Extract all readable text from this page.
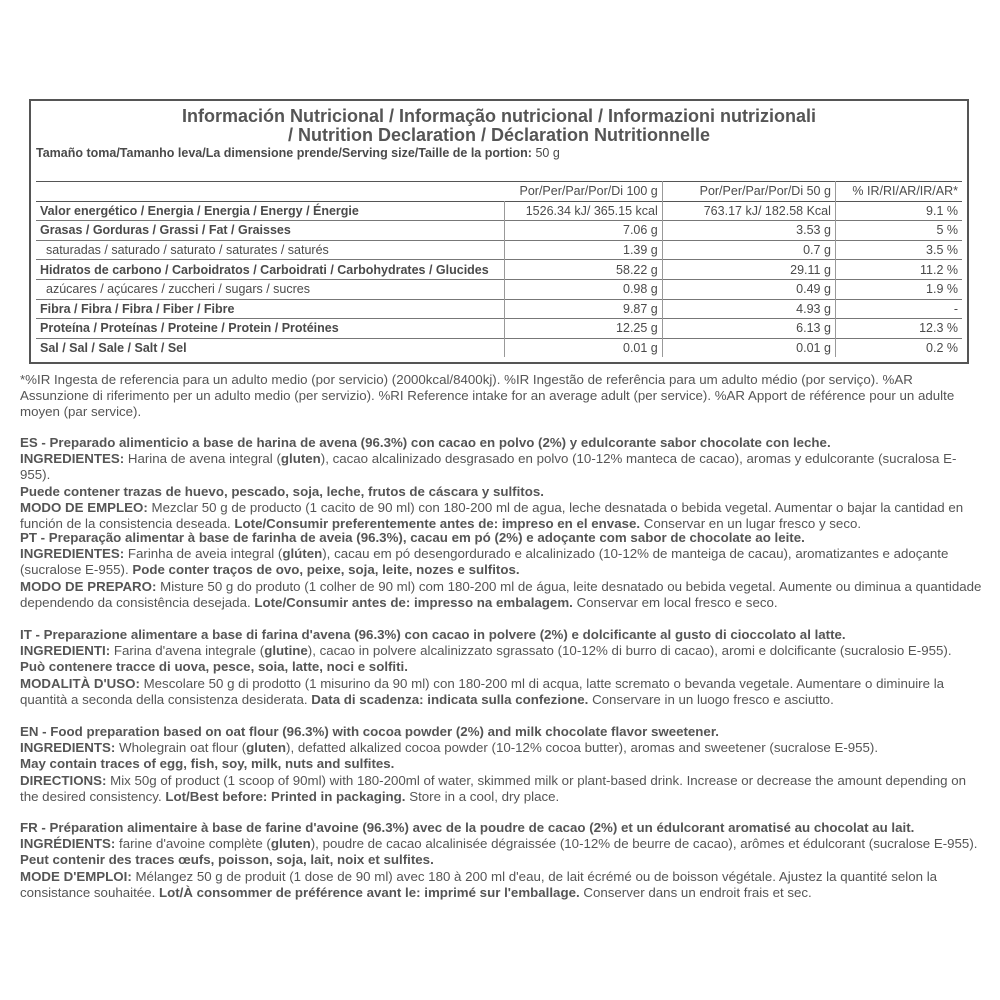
Información Nutricional / Informação nutricional / Informazioni nutrizionali
/ Nutrition Declaration / Déclaration Nutritionnelle
Tamaño toma/Tamanho leva/La dimensione prende/Serving size/Taille de la portion: 50 g
	Por/Per/Par/Por/Di 100 g	Por/Per/Par/Por/Di 50 g	% IR/RI/AR/IR/AR*
Valor energético / Energia / Energia / Energy / Énergie	1526.34 kJ/ 365.15 kcal	763.17 kJ/ 182.58 Kcal	9.1 %
Grasas / Gorduras / Grassi / Fat / Graisses	7.06 g	3.53 g	5 %
saturadas / saturado / saturato / saturates / saturés	1.39 g	0.7 g	3.5 %
Hidratos de carbono / Carboidratos / Carboidrati / Carbohydrates / Glucides	58.22 g	29.11 g	11.2 %
azúcares / açúcares / zuccheri / sugars / sucres	0.98 g	0.49 g	1.9 %
Fibra / Fibra / Fibra / Fiber / Fibre	9.87 g	4.93 g	-
Proteína / Proteínas / Proteine / Protein / Protéines	12.25 g	6.13 g	12.3 %
Sal / Sal / Sale / Salt / Sel	0.01 g	0.01 g	0.2 %

*%IR Ingesta de referencia para un adulto medio (por servicio) (2000kcal/8400kj). %IR Ingestão de referência para um adulto médio (por serviço). %AR Assunzione di riferimento per un adulto medio (per servizio). %RI Reference intake for an average adult (per service). %AR Apport de référence pour un adulte moyen (par service).

ES - Preparado alimenticio a base de harina de avena (96.3%) con cacao en polvo (2%) y edulcorante sabor chocolate con leche.

INGREDIENTES: Harina de avena integral (gluten), cacao alcalinizado desgrasado en polvo (10-12% manteca de cacao), aromas y edulcorante (sucralosa E-955).

Puede contener trazas de huevo, pescado, soja, leche, frutos de cáscara y sulfitos.

MODO DE EMPLEO: Mezclar 50 g de producto (1 cacito de 90 ml) con 180-200 ml de agua, leche desnatada o bebida vegetal. Aumentar o bajar la cantidad en función de la consistencia deseada. Lote/Consumir preferentemente antes de: impreso en el envase. Conservar en un lugar fresco y seco.

PT - Preparação alimentar à base de farinha de aveia (96.3%), cacau em pó (2%) e adoçante com sabor de chocolate ao leite.

INGREDIENTES: Farinha de aveia integral (glúten), cacau em pó desengordurado e alcalinizado (10-12% de manteiga de cacau), aromatizantes e adoçante (sucralose E-955). Pode conter traços de ovo, peixe, soja, leite, nozes e sulfitos.

MODO DE PREPARO: Misture 50 g do produto (1 colher de 90 ml) com 180-200 ml de água, leite desnatado ou bebida vegetal. Aumente ou diminua a quantidade dependendo da consistência desejada. Lote/Consumir antes de: impresso na embalagem. Conservar em local fresco e seco.

IT - Preparazione alimentare a base di farina d'avena (96.3%) con cacao in polvere (2%) e dolcificante al gusto di cioccolato al latte.

INGREDIENTI: Farina d'avena integrale (glutine), cacao in polvere alcalinizzato sgrassato (10-12% di burro di cacao), aromi e dolcificante (sucralosio E-955).

Può contenere tracce di uova, pesce, soia, latte, noci e solfiti.

MODALITÀ D'USO: Mescolare 50 g di prodotto (1 misurino da 90 ml) con 180-200 ml di acqua, latte scremato o bevanda vegetale. Aumentare o diminuire la quantità a seconda della consistenza desiderata. Data di scadenza: indicata sulla confezione. Conservare in un luogo fresco e asciutto.

EN - Food preparation based on oat flour (96.3%) with cocoa powder (2%) and milk chocolate flavor sweetener.

INGREDIENTS: Wholegrain oat flour (gluten), defatted alkalized cocoa powder (10-12% cocoa butter), aromas and sweetener (sucralose E-955).

May contain traces of egg, fish, soy, milk, nuts and sulfites.

DIRECTIONS: Mix 50g of product (1 scoop of 90ml) with 180-200ml of water, skimmed milk or plant-based drink. Increase or decrease the amount depending on the desired consistency. Lot/Best before: Printed in packaging. Store in a cool, dry place.

FR - Préparation alimentaire à base de farine d'avoine (96.3%) avec de la poudre de cacao (2%) et un édulcorant aromatisé au chocolat au lait.

INGRÉDIENTS: farine d'avoine complète (gluten), poudre de cacao alcalinisée dégraissée (10-12% de beurre de cacao), arômes et édulcorant (sucralose E-955).

Peut contenir des traces œufs, poisson, soja, lait, noix et sulfites.

MODE D'EMPLOI: Mélangez 50 g de produit (1 dose de 90 ml) avec 180 à 200 ml d'eau, de lait écrémé ou de boisson végétale. Ajustez la quantité selon la consistance souhaitée. Lot/À consommer de préférence avant le: imprimé sur l'emballage. Conserver dans un endroit frais et sec.
